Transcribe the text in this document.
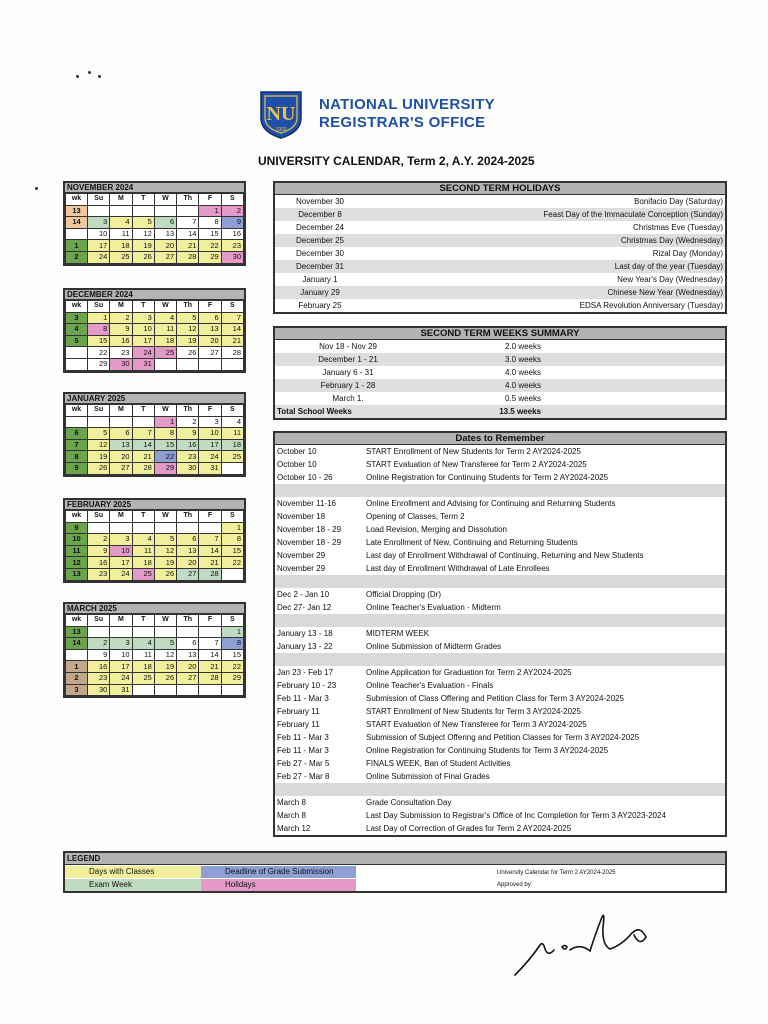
NU
1900
NATIONAL UNIVERSITY
REGISTRAR'S OFFICE
UNIVERSITY CALENDAR, Term 2, A.Y. 2024-2025
NOVEMBER 2024
wk	Su	M	T	W	Th	F	S
13						1	2
14	3	4	5	6	7	8	9
	10	11	12	13	14	15	16
1	17	18	19	20	21	22	23
2	24	25	26	27	28	29	30
DECEMBER 2024
wk	Su	M	T	W	Th	F	S
3	1	2	3	4	5	6	7
4	8	9	10	11	12	13	14
5	15	16	17	18	19	20	21
	22	23	24	25	26	27	28
	29	30	31				
JANUARY 2025
wk	Su	M	T	W	Th	F	S
				1	2	3	4
6	5	6	7	8	9	10	11
7	12	13	14	15	16	17	18
8	19	20	21	22	23	24	25
9	26	27	28	29	30	31	
FEBRUARY 2025
wk	Su	M	T	W	Th	F	S
9							1
10	2	3	4	5	6	7	8
11	9	10	11	12	13	14	15
12	16	17	18	19	20	21	22
13	23	24	25	26	27	28	
MARCH 2025
wk	Su	M	T	W	Th	F	S
13							1
14	2	3	4	5	6	7	8
	9	10	11	12	13	14	15
1	16	17	18	19	20	21	22
2	23	24	25	26	27	28	29
3	30	31					
SECOND TERM HOLIDAYS
November 30	Bonifacio Day (Saturday)
December 8	Feast Day of the Immaculate Conception (Sunday)
December 24	Christmas Eve (Tuesday)
December 25	Christmas Day (Wednesday)
December 30	Rizal Day (Monday)
December 31	Last day of the year (Tuesday)
January 1	New Year's Day (Wednesday)
January 29	Chinese New Year (Wednesday)
February 25	EDSA Revolution Anniversary (Tuesday)
SECOND TERM WEEKS SUMMARY
Nov 18 - Nov 29	2.0 weeks
December 1 - 21	3.0 weeks
January 6 - 31	4.0 weeks
February 1 - 28	4.0 weeks
March 1.	0.5 weeks
Total School Weeks	13.5 weeks
Dates to Remember
October 10	START Enrollment of New Students for Term 2 AY2024-2025
October 10	START Evaluation of New Transferee for Term 2 AY2024-2025
October 10 - 26	Online Registration for Continuing Students for Term 2 AY2024-2025
November 11-16	Online Enrollment and Advising for Continuing and Returning Students
November 18	Opening of Classes, Term 2
November 18 - 29	Load Revision, Merging and Dissolution
November 18 - 29	Late Enrollment of New, Continuing and Returning Students
November 29	Last day of Enrollment Withdrawal of Continuing, Returning and New Students
November 29	Last day of Enrollment Withdrawal of Late Enrollees
Dec 2 - Jan 10	Official Dropping (Dr)
Dec 27- Jan 12	Online Teacher's Evaluation - Midterm
January 13 - 18	MIDTERM WEEK
January 13 - 22	Online Submission of Midterm Grades
Jan 23 - Feb 17	Online Application for Graduation for Term 2 AY2024-2025
February 10 - 23	Online Teacher's Evaluation - Finals
Feb 11 - Mar 3	Submission of Class Offering and Petition Class for Term 3 AY2024-2025
February 11	START Enrollment of New Students for Term 3 AY2024-2025
February 11	START Evaluation of New Transferee for Term 3 AY2024-2025
Feb 11 - Mar 3	Submission of Subject Offering and Petition Classes for Term 3 AY2024-2025
Feb 11 - Mar 3	Online Registration for Continuing Students for Term 3 AY2024-2025
Feb 27 - Mar 5	FINALS WEEK, Ban of Student Activities
Feb 27 - Mar 8	Online Submission of Final Grades
March 8	Grade Consultation Day
March 8	Last Day Submission to Registrar's Office of Inc Completion for Term 3 AY2023-2024
March 12	Last Day of Correction of Grades for Term 2 AY2024-2025
LEGEND
Days with Classes
Exam Week
Deadline of Grade Submission
Holidays
University Calendar for Term 2 AY2024-2025
Approved by:
